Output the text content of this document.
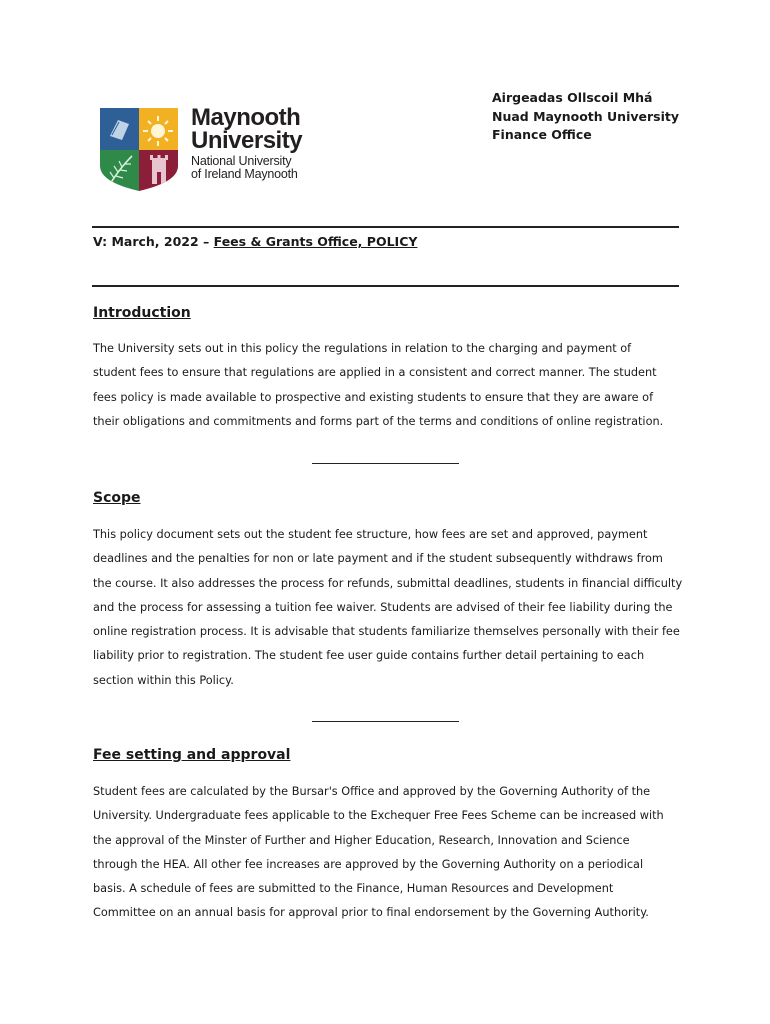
Maynooth
University
National University
of Ireland Maynooth
Airgeadas Ollscoil Mhá
Nuad Maynooth University
Finance Office
V: March, 2022 – Fees & Grants Office, POLICY
Introduction
The University sets out in this policy the regulations in relation to the charging and payment of
student fees to ensure that regulations are applied in a consistent and correct manner. The student
fees policy is made available to prospective and existing students to ensure that they are aware of
their obligations and commitments and forms part of the terms and conditions of online registration.
Scope
This policy document sets out the student fee structure, how fees are set and approved, payment
deadlines and the penalties for non or late payment and if the student subsequently withdraws from
the course. It also addresses the process for refunds, submittal deadlines, students in financial difficulty
and the process for assessing a tuition fee waiver. Students are advised of their fee liability during the
online registration process. It is advisable that students familiarize themselves personally with their fee
liability prior to registration. The student fee user guide contains further detail pertaining to each
section within this Policy.
Fee setting and approval
Student fees are calculated by the Bursar's Office and approved by the Governing Authority of the
University. Undergraduate fees applicable to the Exchequer Free Fees Scheme can be increased with
the approval of the Minster of Further and Higher Education, Research, Innovation and Science
through the HEA. All other fee increases are approved by the Governing Authority on a periodical
basis. A schedule of fees are submitted to the Finance, Human Resources and Development
Committee on an annual basis for approval prior to final endorsement by the Governing Authority.
